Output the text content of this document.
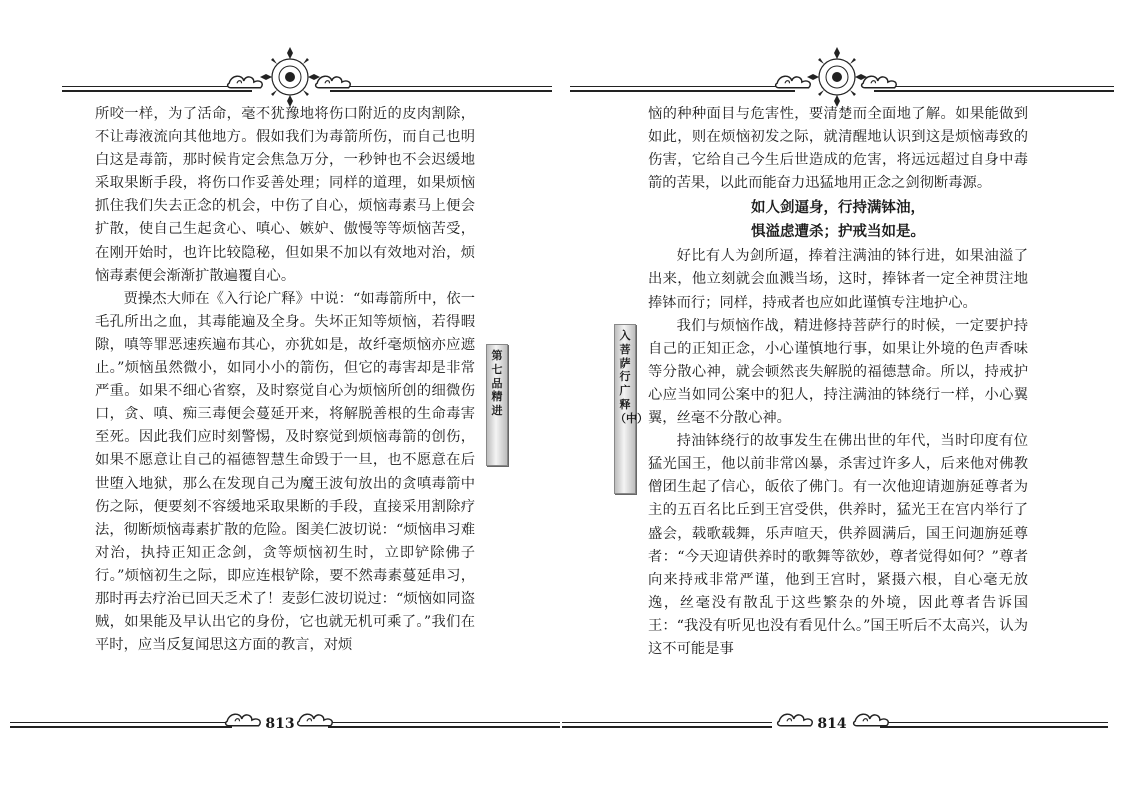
所咬一样，为了活命，毫不犹豫地将伤口附近的皮肉割除，不让毒液流向其他地方。假如我们为毒箭所伤，而自己也明白这是毒箭，那时候肯定会焦急万分，一秒钟也不会迟缓地采取果断手段，将伤口作妥善处理；同样的道理，如果烦恼抓住我们失去正念的机会，中伤了自心，烦恼毒素马上便会扩散，使自己生起贪心、嗔心、嫉妒、傲慢等等烦恼苦受，在刚开始时，也许比较隐秘，但如果不加以有效地对治，烦恼毒素便会渐渐扩散遍覆自心。

贾操杰大师在《入行论广释》中说：“如毒箭所中，依一毛孔所出之血，其毒能遍及全身。失坏正知等烦恼，若得暇隙，嗔等罪恶速疾遍布其心，亦犹如是，故纤毫烦恼亦应遮止。”烦恼虽然微小，如同小小的箭伤，但它的毒害却是非常严重。如果不细心省察，及时察觉自心为烦恼所创的细微伤口，贪、嗔、痴三毒便会蔓延开来，将解脱善根的生命毒害至死。因此我们应时刻警惕，及时察觉到烦恼毒箭的创伤，如果不愿意让自己的福德智慧生命毁于一旦，也不愿意在后世堕入地狱，那么在发现自己为魔王波旬放出的贪嗔毒箭中伤之际，便要刻不容缓地采取果断的手段，直接采用割除疗法，彻断烦恼毒素扩散的危险。图美仁波切说：“烦恼串习难对治，执持正知正念剑，贪等烦恼初生时，立即铲除佛子行。”烦恼初生之际，即应连根铲除，要不然毒素蔓延串习，那时再去疗治已回天乏术了！麦彭仁波切说过：“烦恼如同盗贼，如果能及早认出它的身份，它也就无机可乘了。”我们在平时，应当反复闻思这方面的教言，对烦

第七品 精进
813
入菩萨行广释（中）

恼的种种面目与危害性，要清楚而全面地了解。如果能做到如此，则在烦恼初发之际，就清醒地认识到这是烦恼毒致的伤害，它给自己今生后世造成的危害，将远远超过自身中毒箭的苦果，以此而能奋力迅猛地用正念之剑彻断毒源。

如人剑逼身，行持满钵油，
惧溢虑遭杀；护戒当如是。

好比有人为剑所逼，捧着注满油的钵行进，如果油溢了出来，他立刻就会血溅当场，这时，捧钵者一定全神贯注地捧钵而行；同样，持戒者也应如此谨慎专注地护心。

我们与烦恼作战，精进修持菩萨行的时候，一定要护持自己的正知正念，小心谨慎地行事，如果让外境的色声香味等分散心神，就会顿然丧失解脱的福德慧命。所以，持戒护心应当如同公案中的犯人，持注满油的钵绕行一样，小心翼翼，丝毫不分散心神。

持油钵绕行的故事发生在佛出世的年代，当时印度有位猛光国王，他以前非常凶暴，杀害过许多人，后来他对佛教僧团生起了信心，皈依了佛门。有一次他迎请迦旃延尊者为主的五百名比丘到王宫受供，供养时，猛光王在宫内举行了盛会，载歌载舞，乐声喧天，供养圆满后，国王问迦旃延尊者：“今天迎请供养时的歌舞等欲妙，尊者觉得如何？”尊者向来持戒非常严谨，他到王宫时，紧摄六根，自心毫无放逸，丝毫没有散乱于这些繁杂的外境，因此尊者告诉国王：“我没有听见也没有看见什么。”国王听后不太高兴，认为这不可能是事

814
